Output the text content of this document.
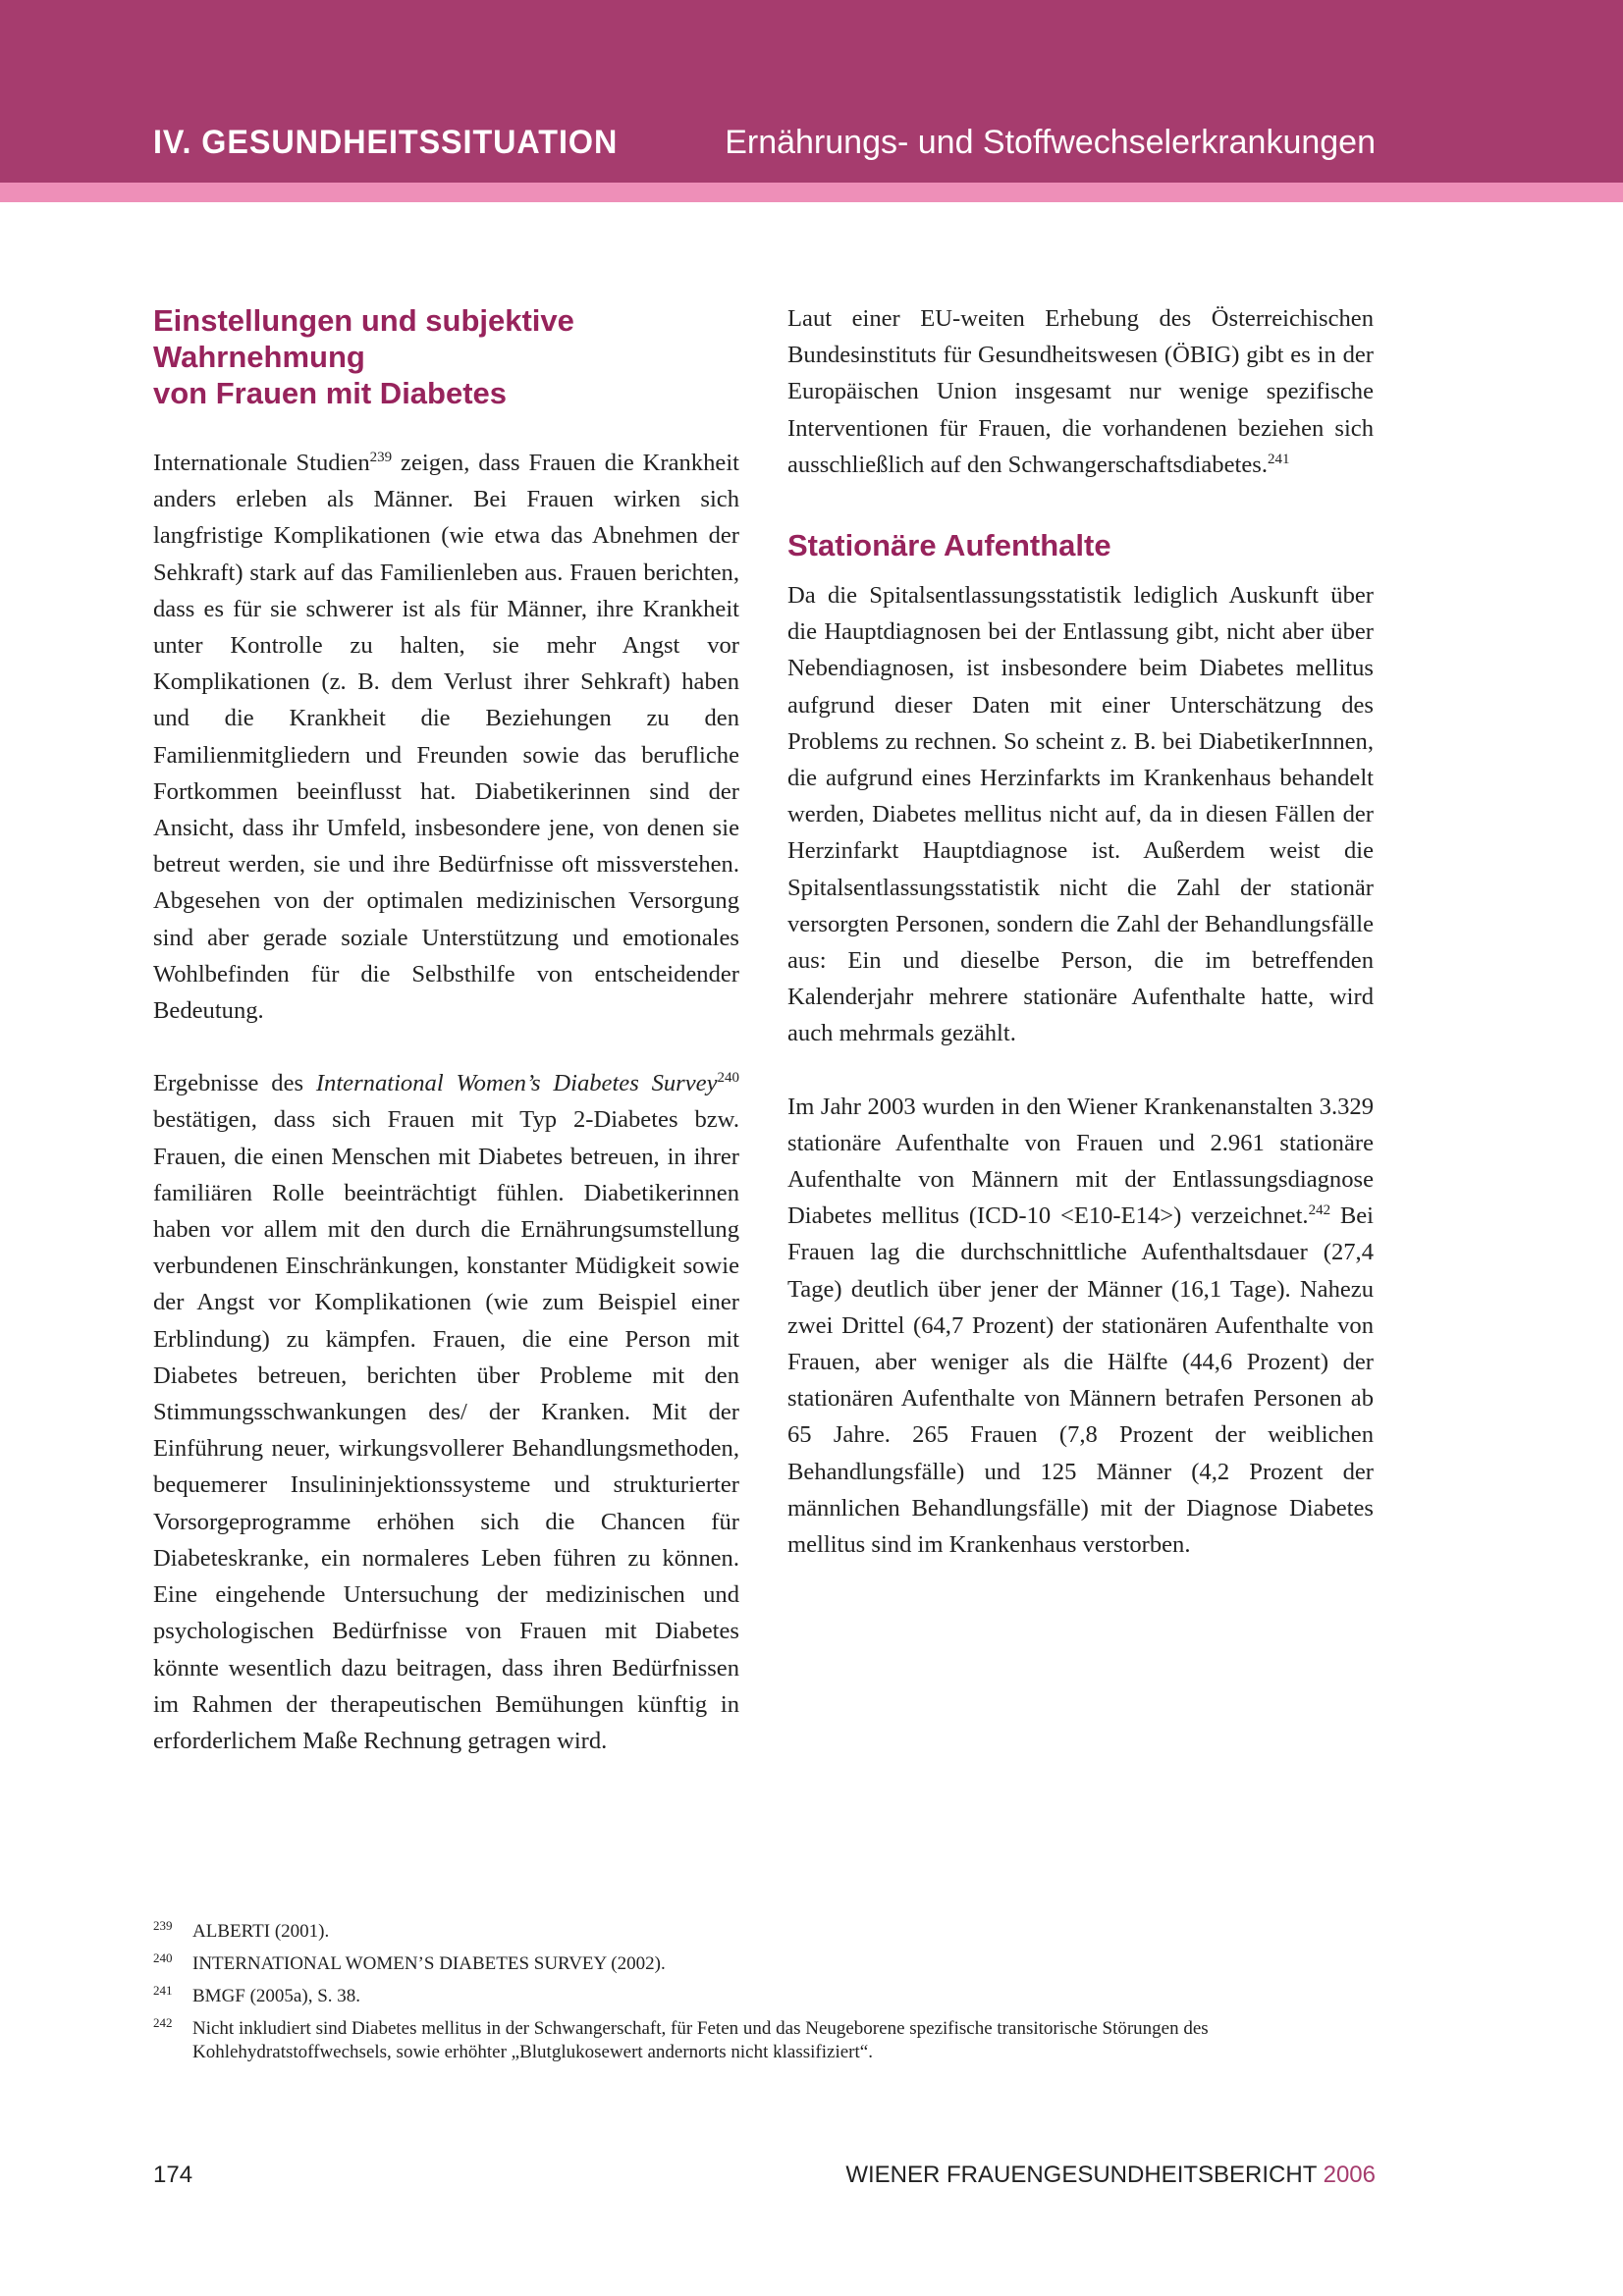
IV. GESUNDHEITSSITUATION	Ernährungs- und Stoffwechselerkrankungen
Einstellungen und subjektive Wahrnehmung
von Frauen mit Diabetes

Internationale Studien$^{239}$ zeigen, dass Frauen die Krankheit anders erleben als Männer. Bei Frauen wirken sich langfristige Komplikationen (wie etwa das Abnehmen der Sehkraft) stark auf das Familienleben aus. Frauen berichten, dass es für sie schwerer ist als für Männer, ihre Krankheit unter Kontrolle zu halten, sie mehr Angst vor Komplikationen (z. B. dem Verlust ihrer Sehkraft) haben und die Krankheit die Beziehungen zu den Familienmitgliedern und Freunden sowie das berufliche Fortkommen beeinflusst hat. Diabetikerinnen sind der Ansicht, dass ihr Umfeld, insbesondere jene, von denen sie betreut werden, sie und ihre Bedürfnisse oft missverstehen. Abgesehen von der optimalen medizinischen Versorgung sind aber gerade soziale Unterstützung und emotionales Wohlbefinden für die Selbsthilfe von entscheidender Bedeutung.

Ergebnisse des International Women’s Diabetes Survey$^{240}$ bestätigen, dass sich Frauen mit Typ 2-Diabetes bzw. Frauen, die einen Menschen mit Diabetes betreuen, in ihrer familiären Rolle beeinträchtigt fühlen. Diabetikerinnen haben vor allem mit den durch die Ernährungsumstellung verbundenen Einschränkungen, konstanter Müdigkeit sowie der Angst vor Komplikationen (wie zum Beispiel einer Erblindung) zu kämpfen. Frauen, die eine Person mit Diabetes betreuen, berichten über Probleme mit den Stimmungsschwankungen des/ der Kranken. Mit der Einführung neuer, wirkungsvollerer Behandlungsmethoden, bequemerer Insulininjektionssysteme und strukturierter Vorsorgeprogramme erhöhen sich die Chancen für Diabeteskranke, ein normaleres Leben führen zu können. Eine eingehende Untersuchung der medizinischen und psychologischen Bedürfnisse von Frauen mit Diabetes könnte wesentlich dazu beitragen, dass ihren Bedürfnissen im Rahmen der therapeutischen Bemühungen künftig in erforderlichem Maße Rechnung getragen wird.

Laut einer EU-weiten Erhebung des Österreichischen Bundesinstituts für Gesundheitswesen (ÖBIG) gibt es in der Europäischen Union insgesamt nur wenige spezifische Interventionen für Frauen, die vorhandenen beziehen sich ausschließlich auf den Schwangerschaftsdiabetes.$^{241}$

Stationäre Aufenthalte

Da die Spitalsentlassungsstatistik lediglich Auskunft über die Hauptdiagnosen bei der Entlassung gibt, nicht aber über Nebendiagnosen, ist insbesondere beim Diabetes mellitus aufgrund dieser Daten mit einer Unterschätzung des Problems zu rechnen. So scheint z. B. bei DiabetikerInnnen, die aufgrund eines Herzinfarkts im Krankenhaus behandelt werden, Diabetes mellitus nicht auf, da in diesen Fällen der Herzinfarkt Hauptdiagnose ist. Außerdem weist die Spitalsentlassungsstatistik nicht die Zahl der stationär versorgten Personen, sondern die Zahl der Behandlungsfälle aus: Ein und dieselbe Person, die im betreffenden Kalenderjahr mehrere stationäre Aufenthalte hatte, wird auch mehrmals gezählt.

Im Jahr 2003 wurden in den Wiener Krankenanstalten 3.329 stationäre Aufenthalte von Frauen und 2.961 stationäre Aufenthalte von Männern mit der Entlassungsdiagnose Diabetes mellitus (ICD-10 <E10-E14>) verzeichnet.$^{242}$ Bei Frauen lag die durchschnittliche Aufenthaltsdauer (27,4 Tage) deutlich über jener der Männer (16,1 Tage). Nahezu zwei Drittel (64,7 Prozent) der stationären Aufenthalte von Frauen, aber weniger als die Hälfte (44,6 Prozent) der stationären Aufenthalte von Männern betrafen Personen ab 65 Jahre. 265 Frauen (7,8 Prozent der weiblichen Behandlungsfälle) und 125 Männer (4,2 Prozent der männlichen Behandlungsfälle) mit der Diagnose Diabetes mellitus sind im Krankenhaus verstorben.

239 ALBERTI (2001).
240 INTERNATIONAL WOMEN’S DIABETES SURVEY (2002).
241 BMGF (2005a), S. 38.
242 Nicht inkludiert sind Diabetes mellitus in der Schwangerschaft, für Feten und das Neugeborene spezifische transitorische Störungen des Kohlehydratstoffwechsels, sowie erhöhter „Blutglukosewert andernorts nicht klassifiziert“.
174	WIENER FRAUENGESUNDHEITSBERICHT 2006
